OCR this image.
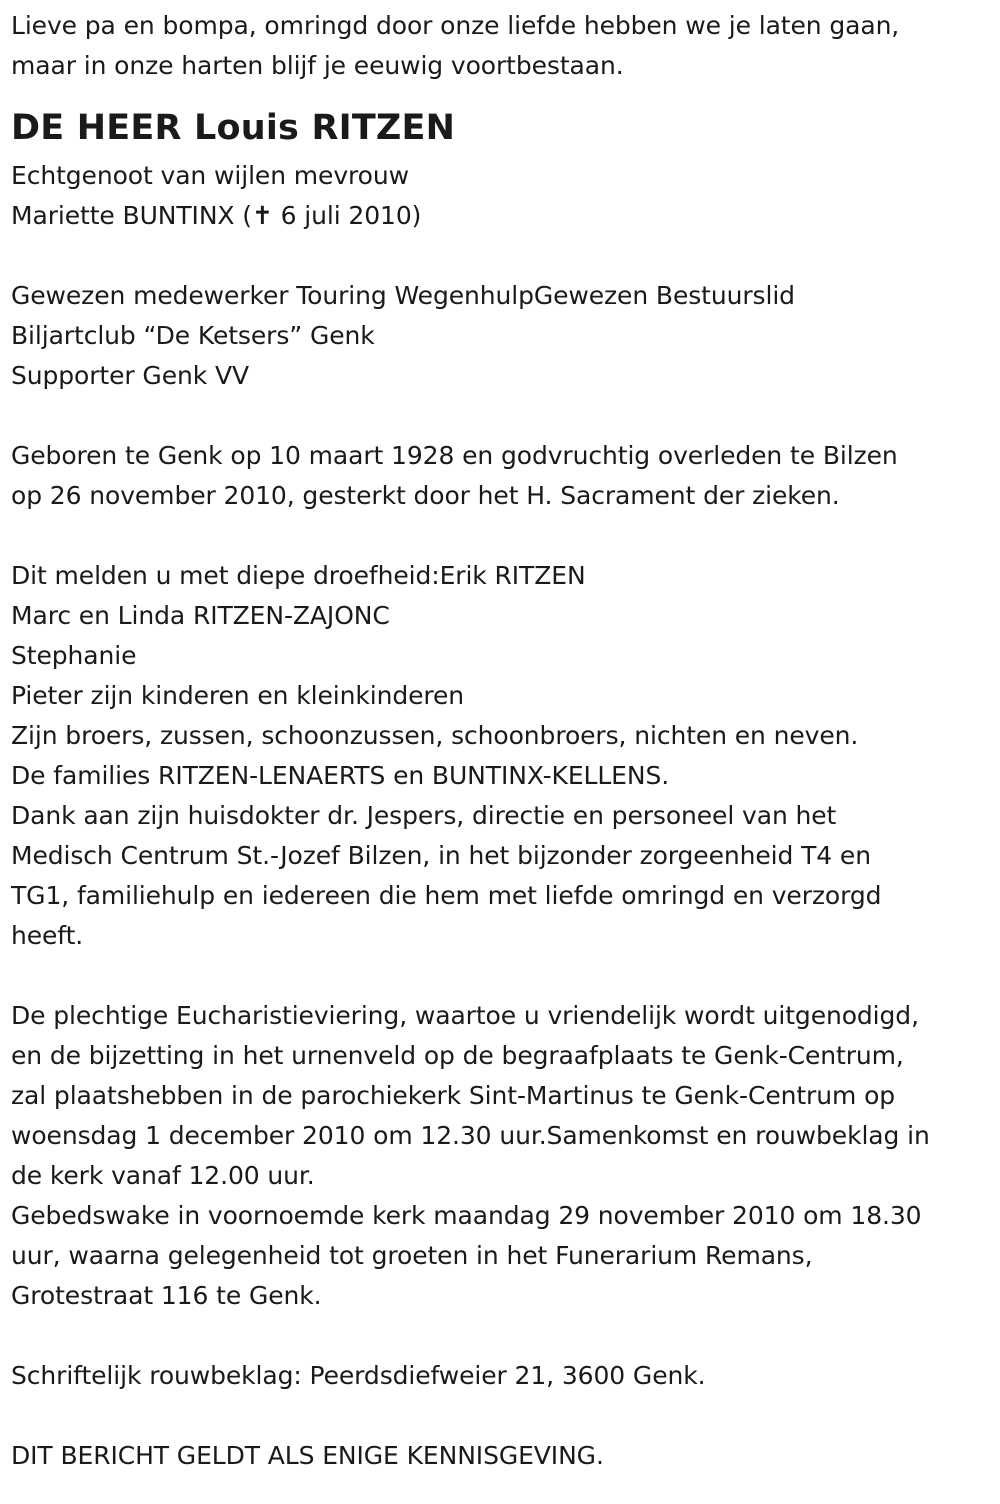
Lieve pa en bompa, omringd door onze liefde hebben we je laten gaan,
maar in onze harten blijf je eeuwig voortbestaan.
DE HEER Louis RITZEN
Echtgenoot van wijlen mevrouw
Mariette BUNTINX (✝ 6 juli 2010)
Gewezen medewerker Touring WegenhulpGewezen Bestuurslid
Biljartclub “De Ketsers” Genk
Supporter Genk VV
Geboren te Genk op 10 maart 1928 en godvruchtig overleden te Bilzen
op 26 november 2010, gesterkt door het H. Sacrament der zieken.
Dit melden u met diepe droefheid:Erik RITZEN
Marc en Linda RITZEN-ZAJONC
Stephanie
Pieter zijn kinderen en kleinkinderen
Zijn broers, zussen, schoonzussen, schoonbroers, nichten en neven.
De families RITZEN-LENAERTS en BUNTINX-KELLENS.
Dank aan zijn huisdokter dr. Jespers, directie en personeel van het
Medisch Centrum St.-Jozef Bilzen, in het bijzonder zorgeenheid T4 en
TG1, familiehulp en iedereen die hem met liefde omringd en verzorgd
heeft.
De plechtige Eucharistieviering, waartoe u vriendelijk wordt uitgenodigd,
en de bijzetting in het urnenveld op de begraafplaats te Genk-Centrum,
zal plaatshebben in de parochiekerk Sint-Martinus te Genk-Centrum op
woensdag 1 december 2010 om 12.30 uur.Samenkomst en rouwbeklag in
de kerk vanaf 12.00 uur.
Gebedswake in voornoemde kerk maandag 29 november 2010 om 18.30
uur, waarna gelegenheid tot groeten in het Funerarium Remans,
Grotestraat 116 te Genk.
Schriftelijk rouwbeklag: Peerdsdiefweier 21, 3600 Genk.
DIT BERICHT GELDT ALS ENIGE KENNISGEVING.
